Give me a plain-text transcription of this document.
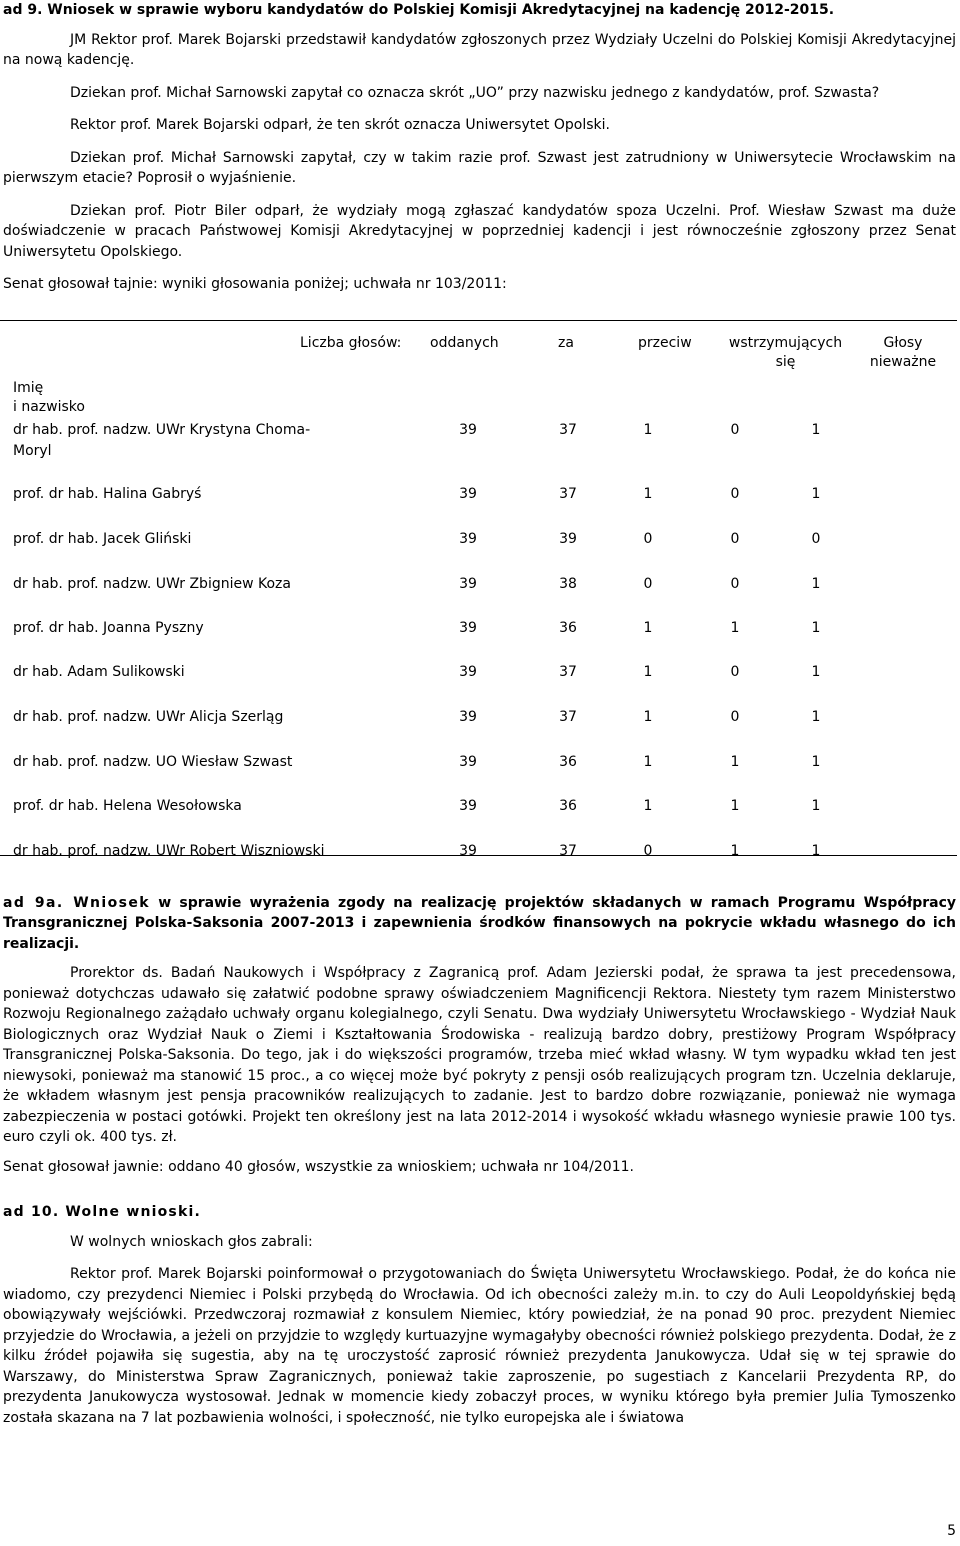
ad 9. Wniosek w sprawie wyboru kandydatów do Polskiej Komisji Akredytacyjnej na kadencję 2012-2015.

JM Rektor prof. Marek Bojarski przedstawił kandydatów zgłoszonych przez Wydziały Uczelni do Polskiej Komisji Akredytacyjnej na nową kadencję.

Dziekan prof. Michał Sarnowski zapytał co oznacza skrót „UO” przy nazwisku jednego z kandydatów, prof. Szwasta?

Rektor prof. Marek Bojarski odparł, że ten skrót oznacza Uniwersytet Opolski.

Dziekan prof. Michał Sarnowski zapytał, czy w takim razie prof. Szwast jest zatrudniony w Uniwersytecie Wrocławskim na pierwszym etacie? Poprosił o wyjaśnienie.

Dziekan prof. Piotr Biler odparł, że wydziały mogą zgłaszać kandydatów spoza Uczelni. Prof. Wiesław Szwast ma duże doświadczenie w pracach Państwowej Komisji Akredytacyjnej w poprzedniej kadencji i jest równocześnie zgłoszony przez Senat Uniwersytetu Opolskiego.

Senat głosował tajnie: wyniki głosowania poniżej; uchwała nr 103/2011:

Imię
i nazwisko
Liczba głosów: oddanych	za	przeciw	wstrzymujących
się
Głosy
nieważne
dr hab. prof. nadzw. UWr Krystyna Choma-
Moryl
39	37	1	0	1
prof. dr hab. Halina Gabryś	39	37	1	0	1
prof. dr hab. Jacek Gliński	39	39	0	0	0
dr hab. prof. nadzw. UWr Zbigniew Koza	39	38	0	0	1
prof. dr hab. Joanna Pyszny	39	36	1	1	1
dr hab. Adam Sulikowski	39	37	1	0	1
dr hab. prof. nadzw. UWr Alicja Szerląg	39	37	1	0	1
dr hab. prof. nadzw. UO Wiesław Szwast	39	36	1	1	1
prof. dr hab. Helena Wesołowska	39	36	1	1	1
dr hab. prof. nadzw. UWr Robert Wiszniowski	39	37	0	1	1

ad 9a. Wniosek w sprawie wyrażenia zgody na realizację projektów składanych w ramach Programu Współpracy Transgranicznej Polska-Saksonia 2007-2013 i zapewnienia środków finansowych na pokrycie wkładu własnego do ich realizacji.

Prorektor ds. Badań Naukowych i Współpracy z Zagranicą prof. Adam Jezierski podał, że sprawa ta jest precedensowa, ponieważ dotychczas udawało się załatwić podobne sprawy oświadczeniem Magnificencji Rektora. Niestety tym razem Ministerstwo Rozwoju Regionalnego zażądało uchwały organu kolegialnego, czyli Senatu. Dwa wydziały Uniwersytetu Wrocławskiego - Wydział Nauk Biologicznych oraz Wydział Nauk o Ziemi i Kształtowania Środowiska - realizują bardzo dobry, prestiżowy Program Współpracy Transgranicznej Polska-Saksonia. Do tego, jak i do większości programów, trzeba mieć wkład własny. W tym wypadku wkład ten jest niewysoki, ponieważ ma stanowić 15 proc., a co więcej może być pokryty z pensji osób realizujących program tzn. Uczelnia deklaruje, że wkładem własnym jest pensja pracowników realizujących to zadanie. Jest to bardzo dobre rozwiązanie, ponieważ nie wymaga zabezpieczenia w postaci gotówki. Projekt ten określony jest na lata 2012-2014 i wysokość wkładu własnego wyniesie prawie 100 tys. euro czyli ok. 400 tys. zł.

Senat głosował jawnie: oddano 40 głosów, wszystkie za wnioskiem; uchwała nr 104/2011.

ad 10. Wolne wnioski.

W wolnych wnioskach głos zabrali:

Rektor prof. Marek Bojarski poinformował o przygotowaniach do Święta Uniwersytetu Wrocławskiego. Podał, że do końca nie wiadomo, czy prezydenci Niemiec i Polski przybędą do Wrocławia. Od ich obecności zależy m.in. to czy do Auli Leopoldyńskiej będą obowiązywały wejściówki. Przedwczoraj rozmawiał z konsulem Niemiec, który powiedział, że na ponad 90 proc. prezydent Niemiec przyjedzie do Wrocławia, a jeżeli on przyjdzie to względy kurtuazyjne wymagałyby obecności również polskiego prezydenta. Dodał, że z kilku źródeł pojawiła się sugestia, aby na tę uroczystość zaprosić również prezydenta Janukowycza. Udał się w tej sprawie do Warszawy, do Ministerstwa Spraw Zagranicznych, ponieważ takie zaproszenie, po sugestiach z Kancelarii Prezydenta RP, do prezydenta Janukowycza wystosował. Jednak w momencie kiedy zobaczył proces, w wyniku którego była premier Julia Tymoszenko została skazana na 7 lat pozbawienia wolności, i społeczność, nie tylko europejska ale i światowa

5
